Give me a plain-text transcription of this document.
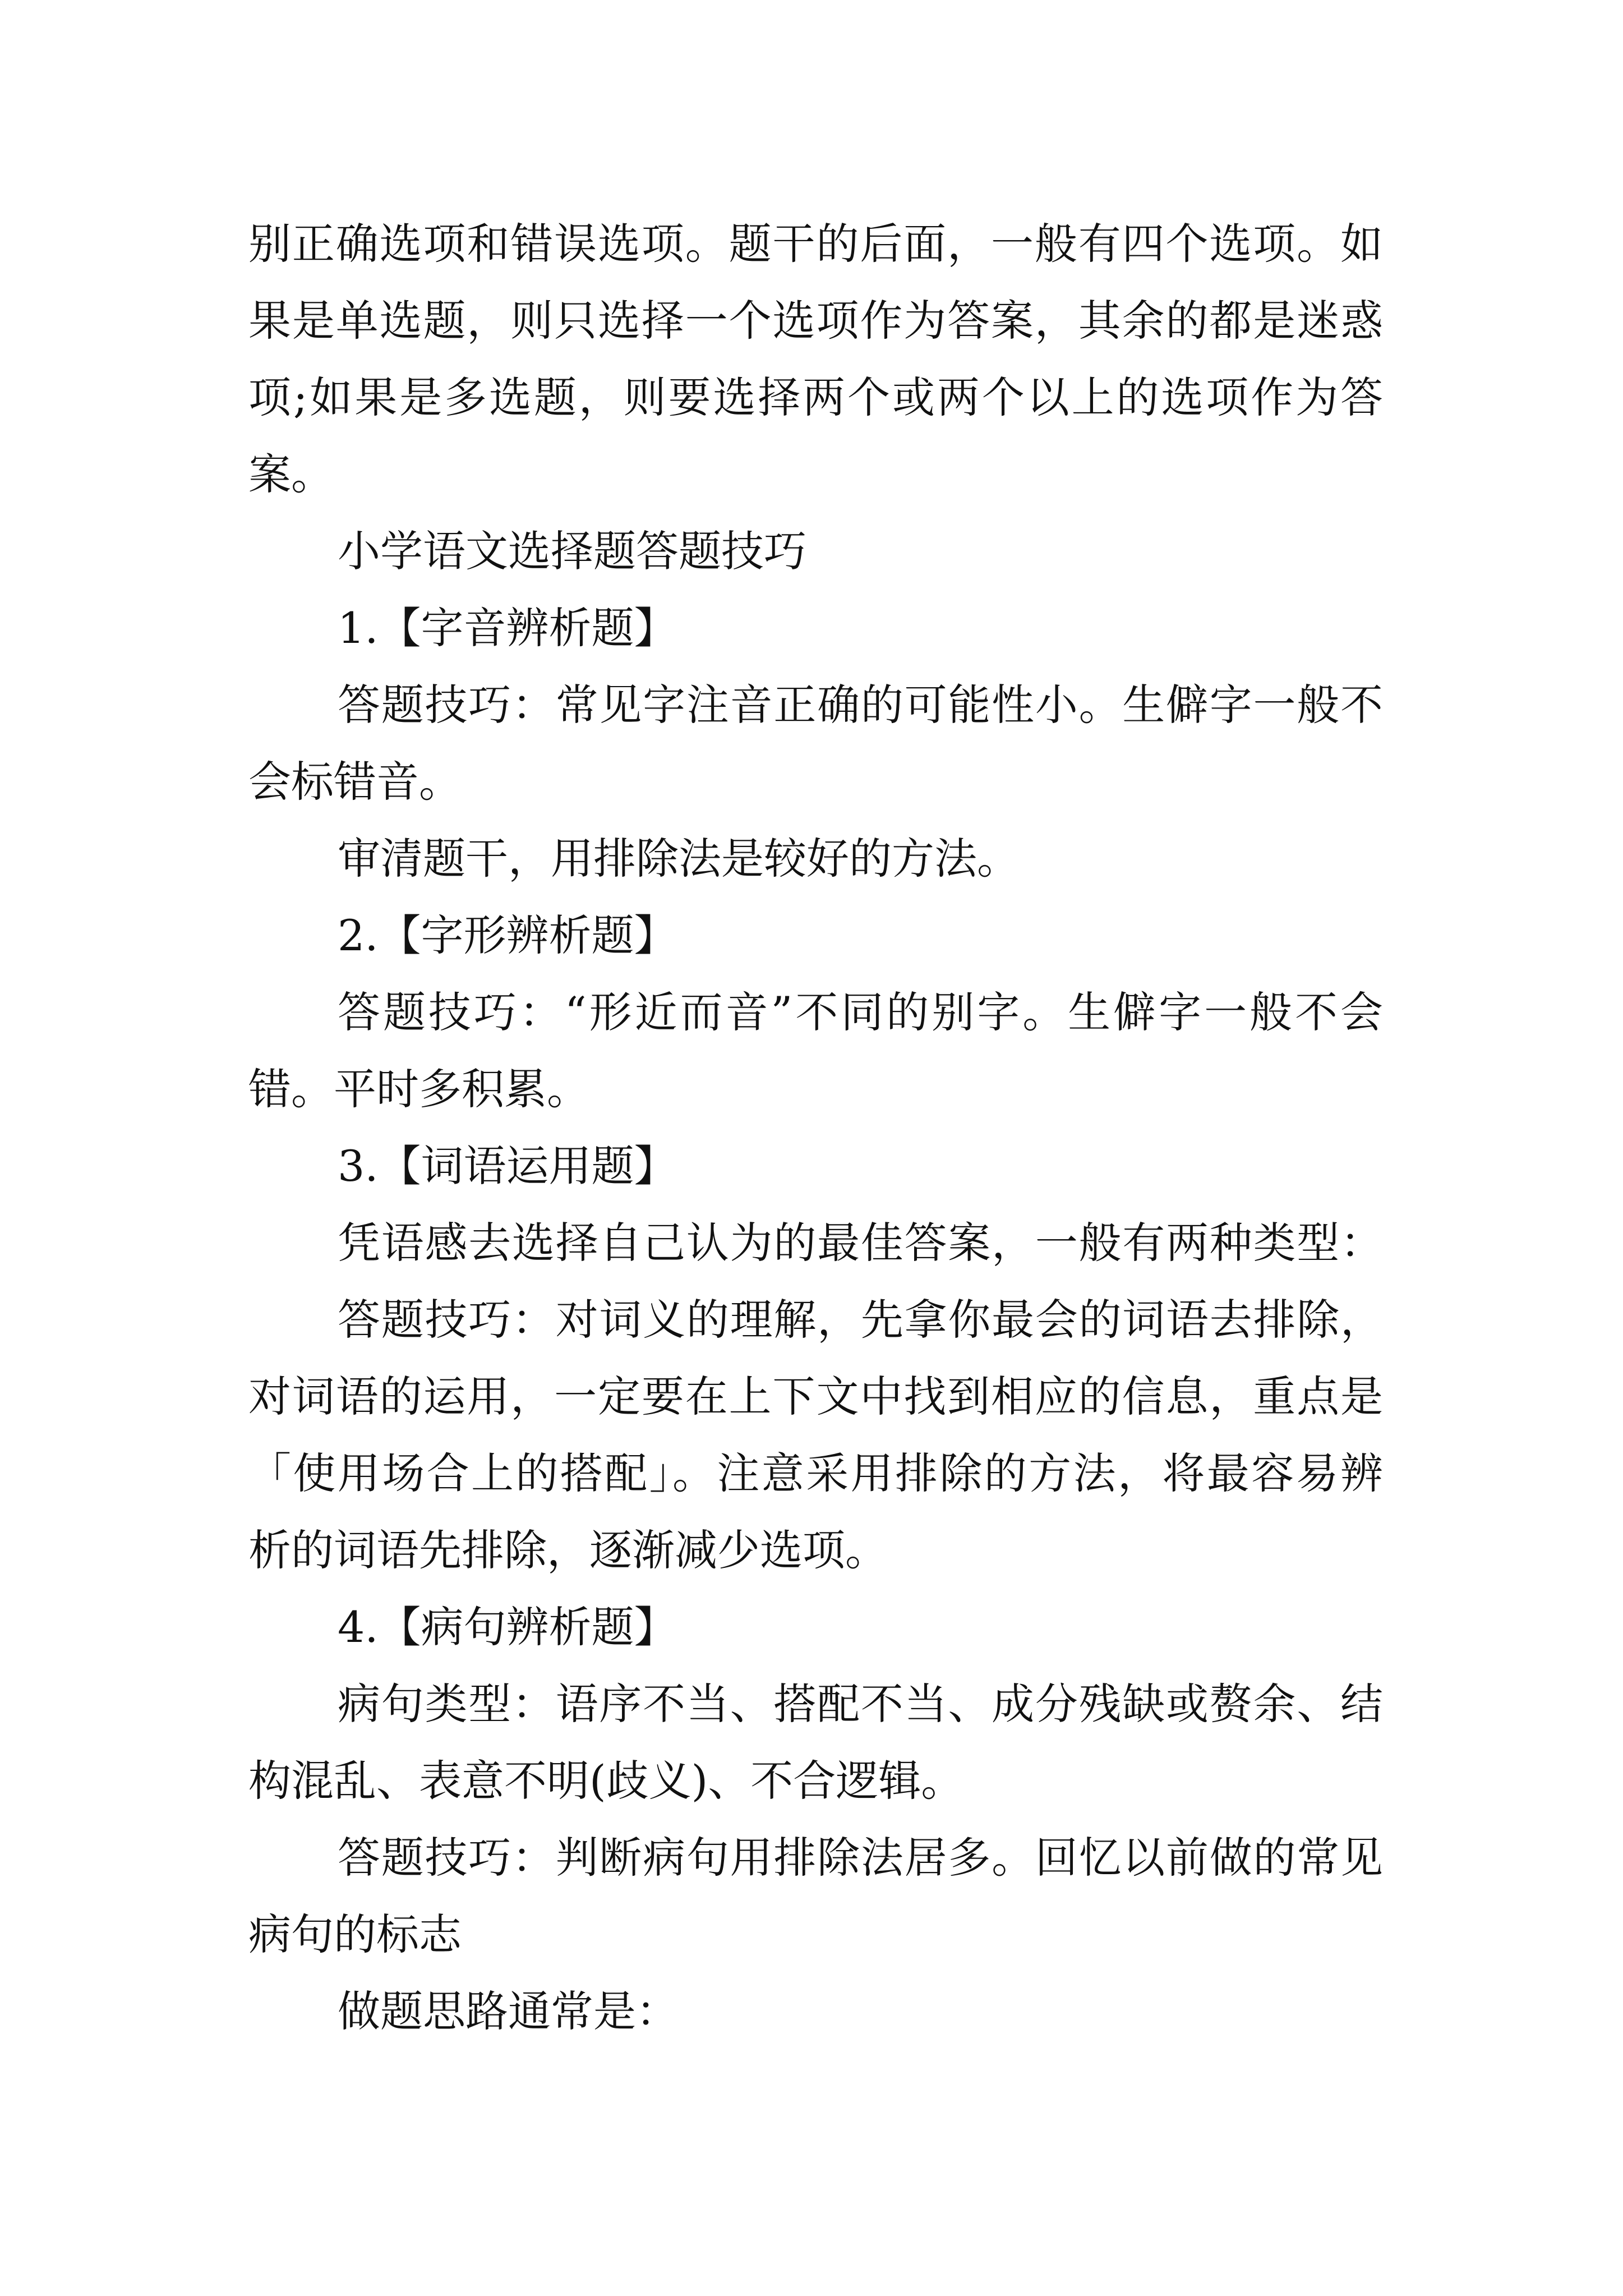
别正确选项和错误选项。题干的后面，一般有四个选项。如
果是单选题，则只选择一个选项作为答案，其余的都是迷惑
项;如果是多选题，则要选择两个或两个以上的选项作为答
案。
小学语文选择题答题技巧
1.【字音辨析题】
答题技巧：常见字注音正确的可能性小。生僻字一般不
会标错音。
审清题干，用排除法是较好的方法。
2.【字形辨析题】
答题技巧：“形近而音”不同的别字。生僻字一般不会
错。平时多积累。
3.【词语运用题】
凭语感去选择自己认为的最佳答案，一般有两种类型：
答题技巧：对词义的理解，先拿你最会的词语去排除，
对词语的运用，一定要在上下文中找到相应的信息，重点是
「使用场合上的搭配」。注意采用排除的方法，将最容易辨
析的词语先排除，逐渐减少选项。
4.【病句辨析题】
病句类型：语序不当、搭配不当、成分残缺或赘余、结
构混乱、表意不明(歧义)、不合逻辑。
答题技巧：判断病句用排除法居多。回忆以前做的常见
病句的标志
做题思路通常是：
